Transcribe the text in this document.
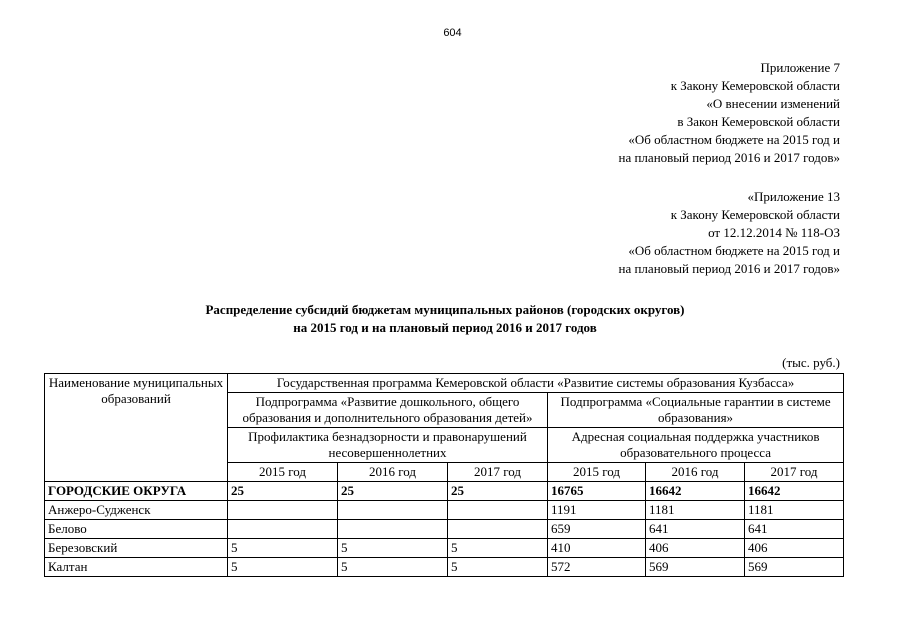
604
Приложение 7
к Закону Кемеровской области
«О внесении изменений
в Закон Кемеровской области
«Об областном бюджете на 2015 год и
на плановый период 2016 и 2017 годов»
«Приложение 13
к Закону Кемеровской области
от 12.12.2014 № 118-ОЗ
«Об областном бюджете на 2015 год и
на плановый период 2016 и 2017 годов»
Распределение субсидий бюджетам муниципальных районов (городских округов)
на 2015 год и на плановый период 2016 и 2017 годов
(тыс. руб.)
Наименование муниципальных образований	Государственная программа Кемеровской области «Развитие системы образования Кузбасса»					
	Подпрограмма «Развитие дошкольного, общего образования и дополнительного образования детей»			Подпрограмма «Социальные гарантии в системе образования»		
	Профилактика безнадзорности и правонарушений несовершеннолетних			Адресная социальная поддержка участников образовательного процесса		
	2015 год	2016 год	2017 год	2015 год	2016 год	2017 год
ГОРОДСКИЕ ОКРУГА	25	25	25	16765	16642	16642
Анжеро-Судженск				1191	1181	1181
Белово				659	641	641
Березовский	5	5	5	410	406	406
Калтан	5	5	5	572	569	569
